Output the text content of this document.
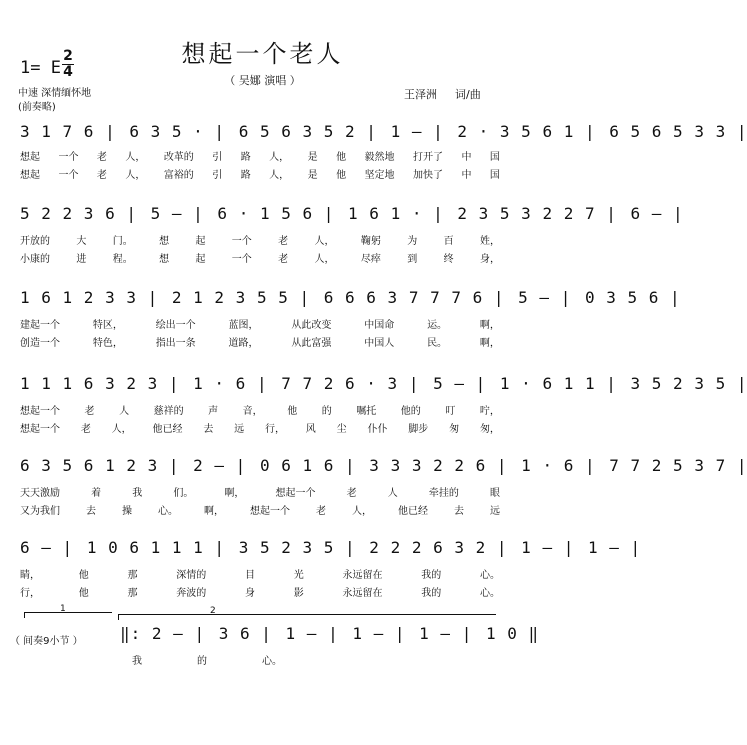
想起一个老人
（ 吴娜 演唱 ）
1= E
2
4
中速 深情缅怀地
(前奏略)
王泽洲 词/曲
3 1 7 6 | 6 3 5 · | 6 5 6 3 5 2 | 1 – | 2 · 3 5 6 1 | 6 5 6 5 3 3 |
想起 一个 老 人， 改革的 引 路 人， 是 他 毅然地 打开了 中 国
想起 一个 老 人， 富裕的 引 路 人， 是 他 坚定地 加快了 中 国
5 2 2 3 6 | 5 – | 6 · 1 5 6 | 1 6 1 · | 2 3 5 3 2 2 7 | 6 – |
开放的	大	门。	想	起	一个	老	人，	鞠躬	为	百	姓，
小康的	进	程。	想	起	一个	老	人，	尽瘁	到	终	身，
1 6 1 2 3 3 | 2 1 2 3 5 5 | 6 6 6 3 7 7 7 6 | 5 – | 0 3 5 6 |
建起一个	特区，	绘出一个	蓝图，	从此改变	中国命	运。	啊，
创造一个	特色，	指出一条	道路，	从此富强	中国人	民。	啊，
1 1 1 6 3 2 3 | 1 · 6 | 7 7 2 6 · 3 | 5 – | 1 · 6 1 1 | 3 5 2 3 5 |
想起一个 老 人 慈祥的 声 音， 他 的 嘱托 他的 叮 咛，
想起一个 老 人， 他已经 去 远 行， 风 尘 仆仆 脚步 匆 匆，
6 3 5 6 1 2 3 | 2 – | 0 6 1 6 | 3 3 3 2 2 6 | 1 · 6 | 7 7 2 5 3 7 |
天天激励	着	我	们。	啊，	想起一个	老	人	牵挂的	眼
又为我们	去	操	心。	啊，	想起一个	老	人，	他已经	去	远
6 – | 1 0 6 1 1 1 | 3 5 2 3 5 | 2 2 2 6 3 2 | 1 – | 1 – |
睛，	他	那	深情的	目	光	永远留在	我的	心。
行，	他	那	奔波的	身	影	永远留在	我的	心。
1	2
（ 间奏9小节 ） ‖: 2 – | 3 6 | 1 – | 1 – | 1 – | 1 0 ‖
我	的	心。
